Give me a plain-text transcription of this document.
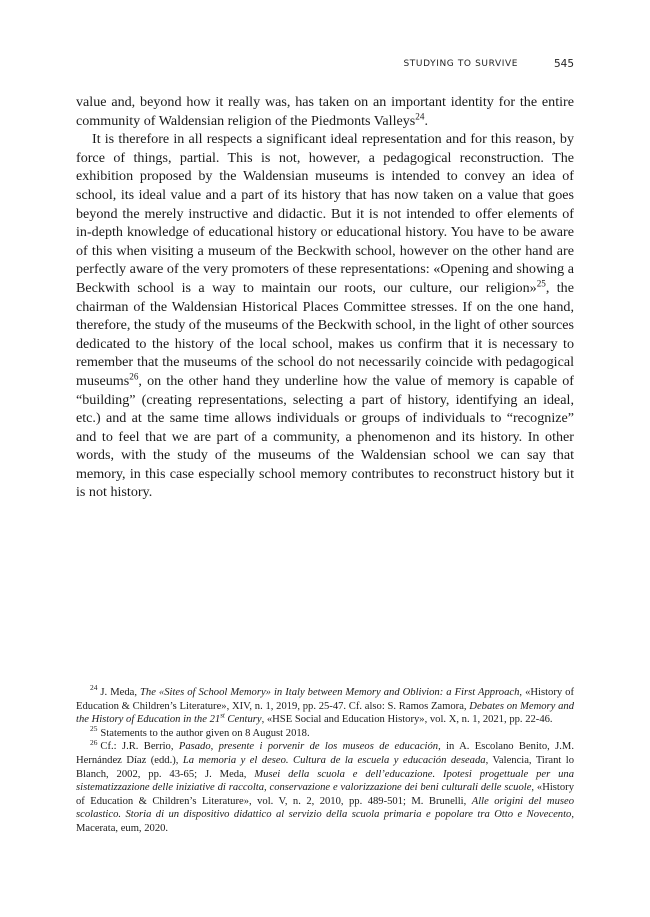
STUDYING TO SURVIVE	545

value and, beyond how it really was, has taken on an important identity for the entire community of Waldensian religion of the Piedmonts Valleys$^{24}$.

It is therefore in all respects a significant ideal representation and for this reason, by force of things, partial. This is not, however, a pedagogical reconstruction. The exhibition proposed by the Waldensian museums is intended to convey an idea of school, its ideal value and a part of its history that has now taken on a value that goes beyond the merely instructive and didactic. But it is not intended to offer elements of in-depth knowledge of educational history or educational history. You have to be aware of this when visiting a museum of the Beckwith school, however on the other hand are perfectly aware of the very promoters of these representations: «Opening and showing a Beckwith school is a way to maintain our roots, our culture, our religion»$^{25}$, the chairman of the Waldensian Historical Places Committee stresses. If on the one hand, therefore, the study of the museums of the Beckwith school, in the light of other sources dedicated to the history of the local school, makes us confirm that it is necessary to remember that the museums of the school do not necessarily coincide with pedagogical museums$^{26}$, on the other hand they underline how the value of memory is capable of “building” (creating representations, selecting a part of history, identifying an ideal, etc.) and at the same time allows individuals or groups of individuals to “recognize” and to feel that we are part of a community, a phenomenon and its history. In other words, with the study of the museums of the Waldensian school we can say that memory, in this case especially school memory contributes to reconstruct history but it is not history.

$^{24}$ J. Meda, The «Sites of School Memory» in Italy between Memory and Oblivion: a First Approach, «History of Education & Children’s Literature», XIV, n. 1, 2019, pp. 25-47. Cf. also: S. Ramos Zamora, Debates on Memory and the History of Education in the 21st Century, «HSE Social and Education History», vol. X, n. 1, 2021, pp. 22-46.

$^{25}$ Statements to the author given on 8 August 2018.

$^{26}$ Cf.: J.R. Berrio, Pasado, presente i porvenir de los museos de educación, in A. Escolano Benito, J.M. Hernández Díaz (edd.), La memoria y el deseo. Cultura de la escuela y educación deseada, Valencia, Tirant lo Blanch, 2002, pp. 43-65; J. Meda, Musei della scuola e dell’educazione. Ipotesi progettuale per una sistematizzazione delle iniziative di raccolta, conservazione e valorizzazione dei beni culturali delle scuole, «History of Education & Children’s Literature», vol. V, n. 2, 2010, pp. 489-501; M. Brunelli, Alle origini del museo scolastico. Storia di un dispositivo didattico al servizio della scuola primaria e popolare tra Otto e Novecento, Macerata, eum, 2020.
